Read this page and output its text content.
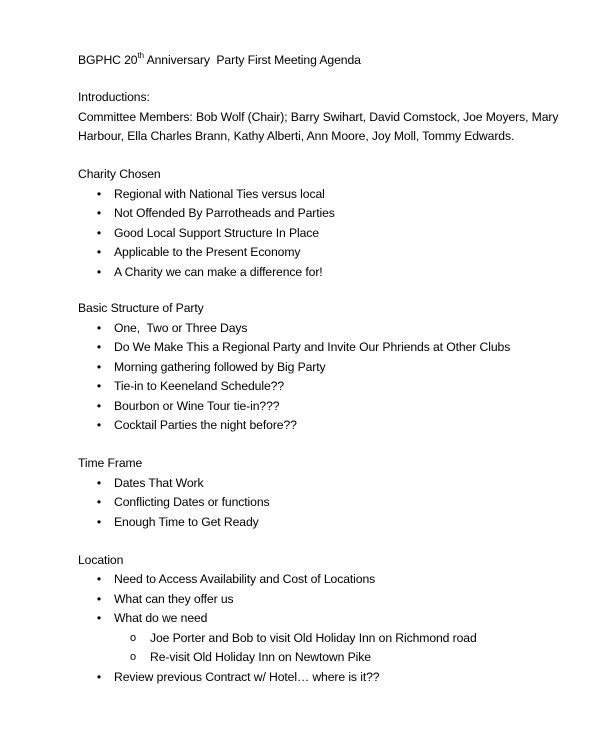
BGPHC 20th Anniversary  Party First Meeting Agenda

Introductions:

Committee Members: Bob Wolf (Chair); Barry Swihart, David Comstock, Joe Moyers, Mary Harbour, Ella Charles Brann, Kathy Alberti, Ann Moore, Joy Moll, Tommy Edwards.

Charity Chosen

• Regional with National Ties versus local
• Not Offended By Parrotheads and Parties
• Good Local Support Structure In Place
• Applicable to the Present Economy
• A Charity we can make a difference for!

Basic Structure of Party

• One,  Two or Three Days
• Do We Make This a Regional Party and Invite Our Phriends at Other Clubs
• Morning gathering followed by Big Party
• Tie-in to Keeneland Schedule??
• Bourbon or Wine Tour tie-in???
• Cocktail Parties the night before??

Time Frame

• Dates That Work
• Conflicting Dates or functions
• Enough Time to Get Ready

Location

• Need to Access Availability and Cost of Locations
• What can they offer us
• What do we need
o Joe Porter and Bob to visit Old Holiday Inn on Richmond road
o Re-visit Old Holiday Inn on Newtown Pike
• Review previous Contract w/ Hotel… where is it??
